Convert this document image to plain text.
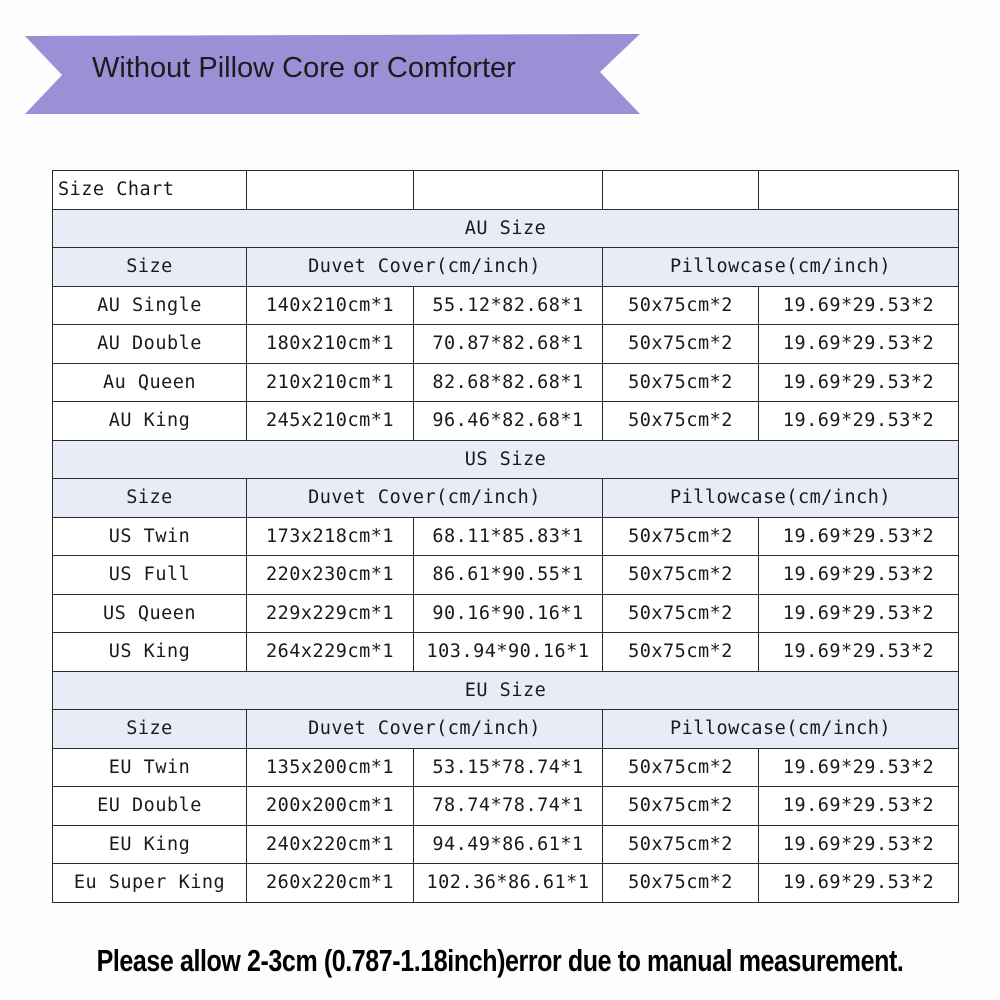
Without Pillow Core or Comforter
Size Chart				
AU Size				
Size	Duvet Cover(cm/inch)		Pillowcase(cm/inch)	
AU Single	140x210cm*1	55.12*82.68*1	50x75cm*2	19.69*29.53*2
AU Double	180x210cm*1	70.87*82.68*1	50x75cm*2	19.69*29.53*2
Au Queen	210x210cm*1	82.68*82.68*1	50x75cm*2	19.69*29.53*2
AU King	245x210cm*1	96.46*82.68*1	50x75cm*2	19.69*29.53*2
US Size				
Size	Duvet Cover(cm/inch)		Pillowcase(cm/inch)	
US Twin	173x218cm*1	68.11*85.83*1	50x75cm*2	19.69*29.53*2
US Full	220x230cm*1	86.61*90.55*1	50x75cm*2	19.69*29.53*2
US Queen	229x229cm*1	90.16*90.16*1	50x75cm*2	19.69*29.53*2
US King	264x229cm*1	103.94*90.16*1	50x75cm*2	19.69*29.53*2
EU Size				
Size	Duvet Cover(cm/inch)		Pillowcase(cm/inch)	
EU Twin	135x200cm*1	53.15*78.74*1	50x75cm*2	19.69*29.53*2
EU Double	200x200cm*1	78.74*78.74*1	50x75cm*2	19.69*29.53*2
EU King	240x220cm*1	94.49*86.61*1	50x75cm*2	19.69*29.53*2
Eu Super King	260x220cm*1	102.36*86.61*1	50x75cm*2	19.69*29.53*2
Please allow 2-3cm (0.787-1.18inch)error due to manual measurement.
